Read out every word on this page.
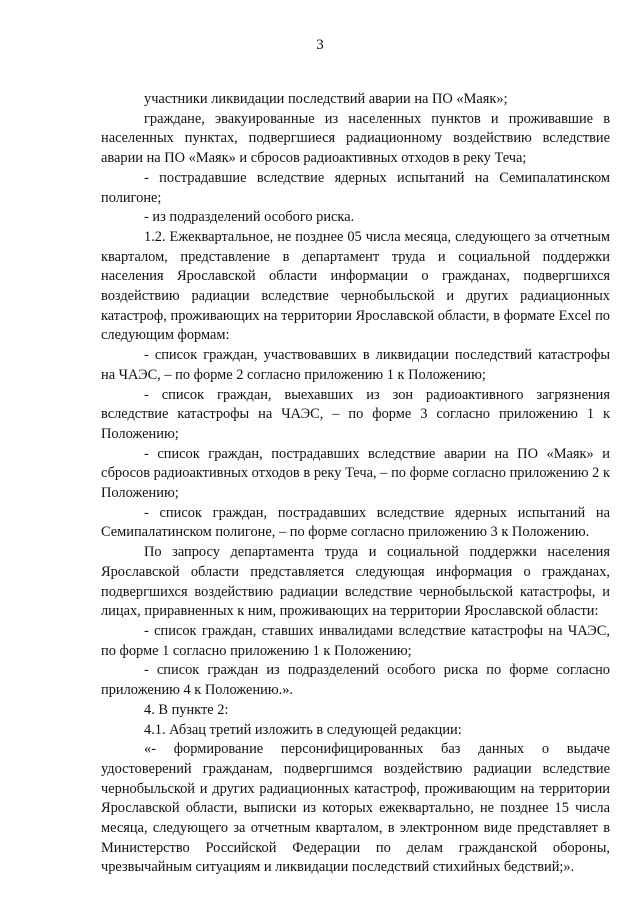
3

участники ликвидации последствий аварии на ПО «Маяк»;

граждане, эвакуированные из населенных пунктов и проживавшие в населенных пунктах, подвергшиеся радиационному воздействию вследствие аварии на ПО «Маяк» и сбросов радиоактивных отходов в реку Теча;

- пострадавшие вследствие ядерных испытаний на Семипалатинском полигоне;

- из подразделений особого риска.

1.2. Ежеквартальное, не позднее 05 числа месяца, следующего за отчетным кварталом, представление в департамент труда и социальной поддержки населения Ярославской области информации о гражданах, подвергшихся воздействию радиации вследствие чернобыльской и других радиационных катастроф, проживающих на территории Ярославской области, в формате Excel по следующим формам:

- список граждан, участвовавших в ликвидации последствий катастрофы на ЧАЭС, – по форме 2 согласно приложению 1 к Положению;

- список граждан, выехавших из зон радиоактивного загрязнения вследствие катастрофы на ЧАЭС, – по форме 3 согласно приложению 1 к Положению;

- список граждан, пострадавших вследствие аварии на ПО «Маяк» и сбросов радиоактивных отходов в реку Теча, – по форме согласно приложению 2 к Положению;

- список граждан, пострадавших вследствие ядерных испытаний на Семипалатинском полигоне, – по форме согласно приложению 3 к Положению.

По запросу департамента труда и социальной поддержки населения Ярославской области представляется следующая информация о гражданах, подвергшихся воздействию радиации вследствие чернобыльской катастрофы, и лицах, приравненных к ним, проживающих на территории Ярославской области:

- список граждан, ставших инвалидами вследствие катастрофы на ЧАЭС, по форме 1 согласно приложению 1 к Положению;

- список граждан из подразделений особого риска по форме согласно приложению 4 к Положению.».

4. В пункте 2:

4.1. Абзац третий изложить в следующей редакции:

«- формирование персонифицированных баз данных о выдаче удостоверений гражданам, подвергшимся воздействию радиации вследствие чернобыльской и других радиационных катастроф, проживающим на территории Ярославской области, выписки из которых ежеквартально, не позднее 15 числа месяца, следующего за отчетным кварталом, в электронном виде представляет в Министерство Российской Федерации по делам гражданской обороны, чрезвычайным ситуациям и ликвидации последствий стихийных бедствий;».
